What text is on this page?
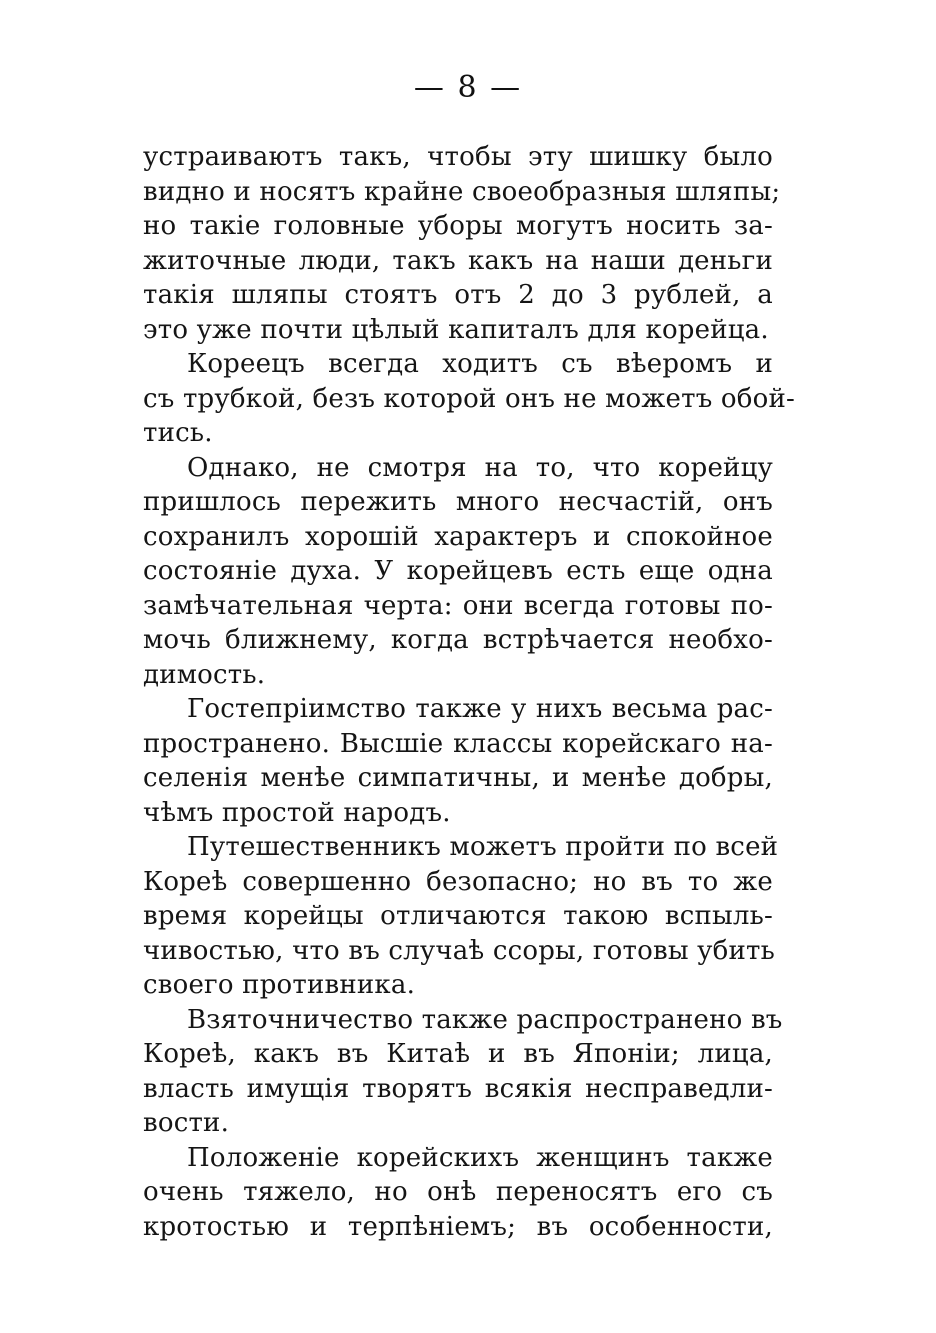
— 8 —
устраиваютъ такъ, чтобы эту шишку было
видно и носятъ крайне своеобразныя шляпы;
но такіе головные уборы могутъ носить за-
житочные люди, такъ какъ на наши деньги
такія шляпы стоятъ отъ 2 до 3 рублей, а
это уже почти цѣлый капиталъ для корейца.
Кореецъ всегда ходитъ съ вѣеромъ и
съ трубкой, безъ которой онъ не можетъ обой-
тись.
Однако, не смотря на то, что корейцу
пришлось пережить много несчастій, онъ
сохранилъ хорошій характеръ и спокойное
состояніе духа. У корейцевъ есть еще одна
замѣчательная черта: они всегда готовы по-
мочь ближнему, когда встрѣчается необхо-
димость.
Гостепріимство также у нихъ весьма рас-
пространено. Высшіе классы корейскаго на-
селенія менѣе симпатичны, и менѣе добры,
чѣмъ простой народъ.
Путешественникъ можетъ пройти по всей
Кореѣ совершенно безопасно; но въ то же
время корейцы отличаются такою вспыль-
чивостью, что въ случаѣ ссоры, готовы убить
своего противника.
Взяточничество также распространено въ
Кореѣ, какъ въ Китаѣ и въ Японіи; лица,
власть имущія творятъ всякія несправедли-
вости.
Положеніе корейскихъ женщинъ также
очень тяжело, но онѣ переносятъ его съ
кротостью и терпѣніемъ; въ особенности,
